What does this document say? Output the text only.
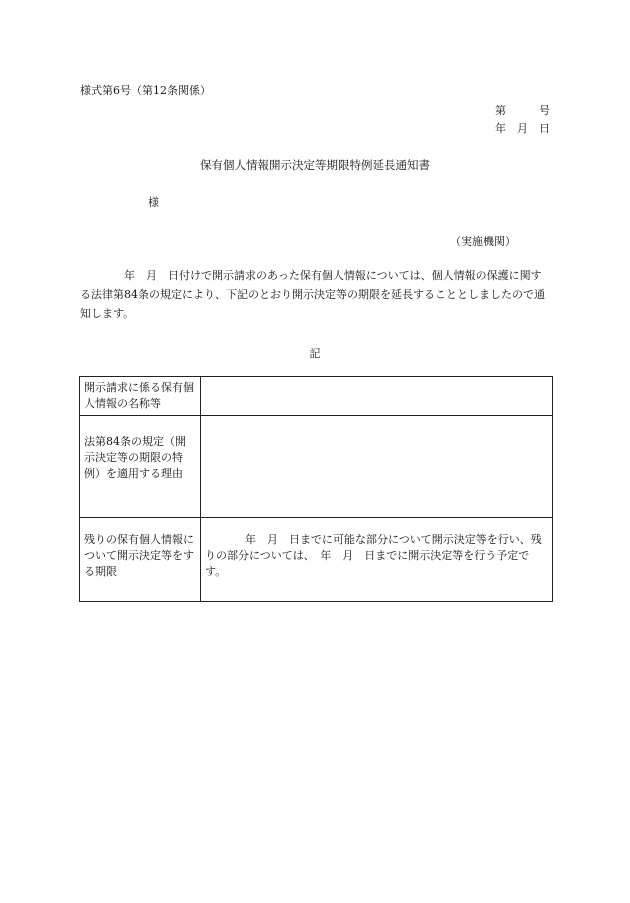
様式第6号（第12条関係）
第　　　号
年　月　日
保有個人情報開示決定等期限特例延長通知書
様
（実施機関）
年　月　日付けで開示請求のあった保有個人情報については、個人情報の保護に関する法律第84条の規定により、下記のとおり開示決定等の期限を延長することとしましたので通知します。
記
開示請求に係る保有個人情報の名称等	
法第84条の規定（開示決定等の期限の特例）を適用する理由	
残りの保有個人情報について開示決定等をする期限	年　月　日までに可能な部分について開示決定等を行い、残りの部分については、　年　月　日までに開示決定等を行う予定です。
